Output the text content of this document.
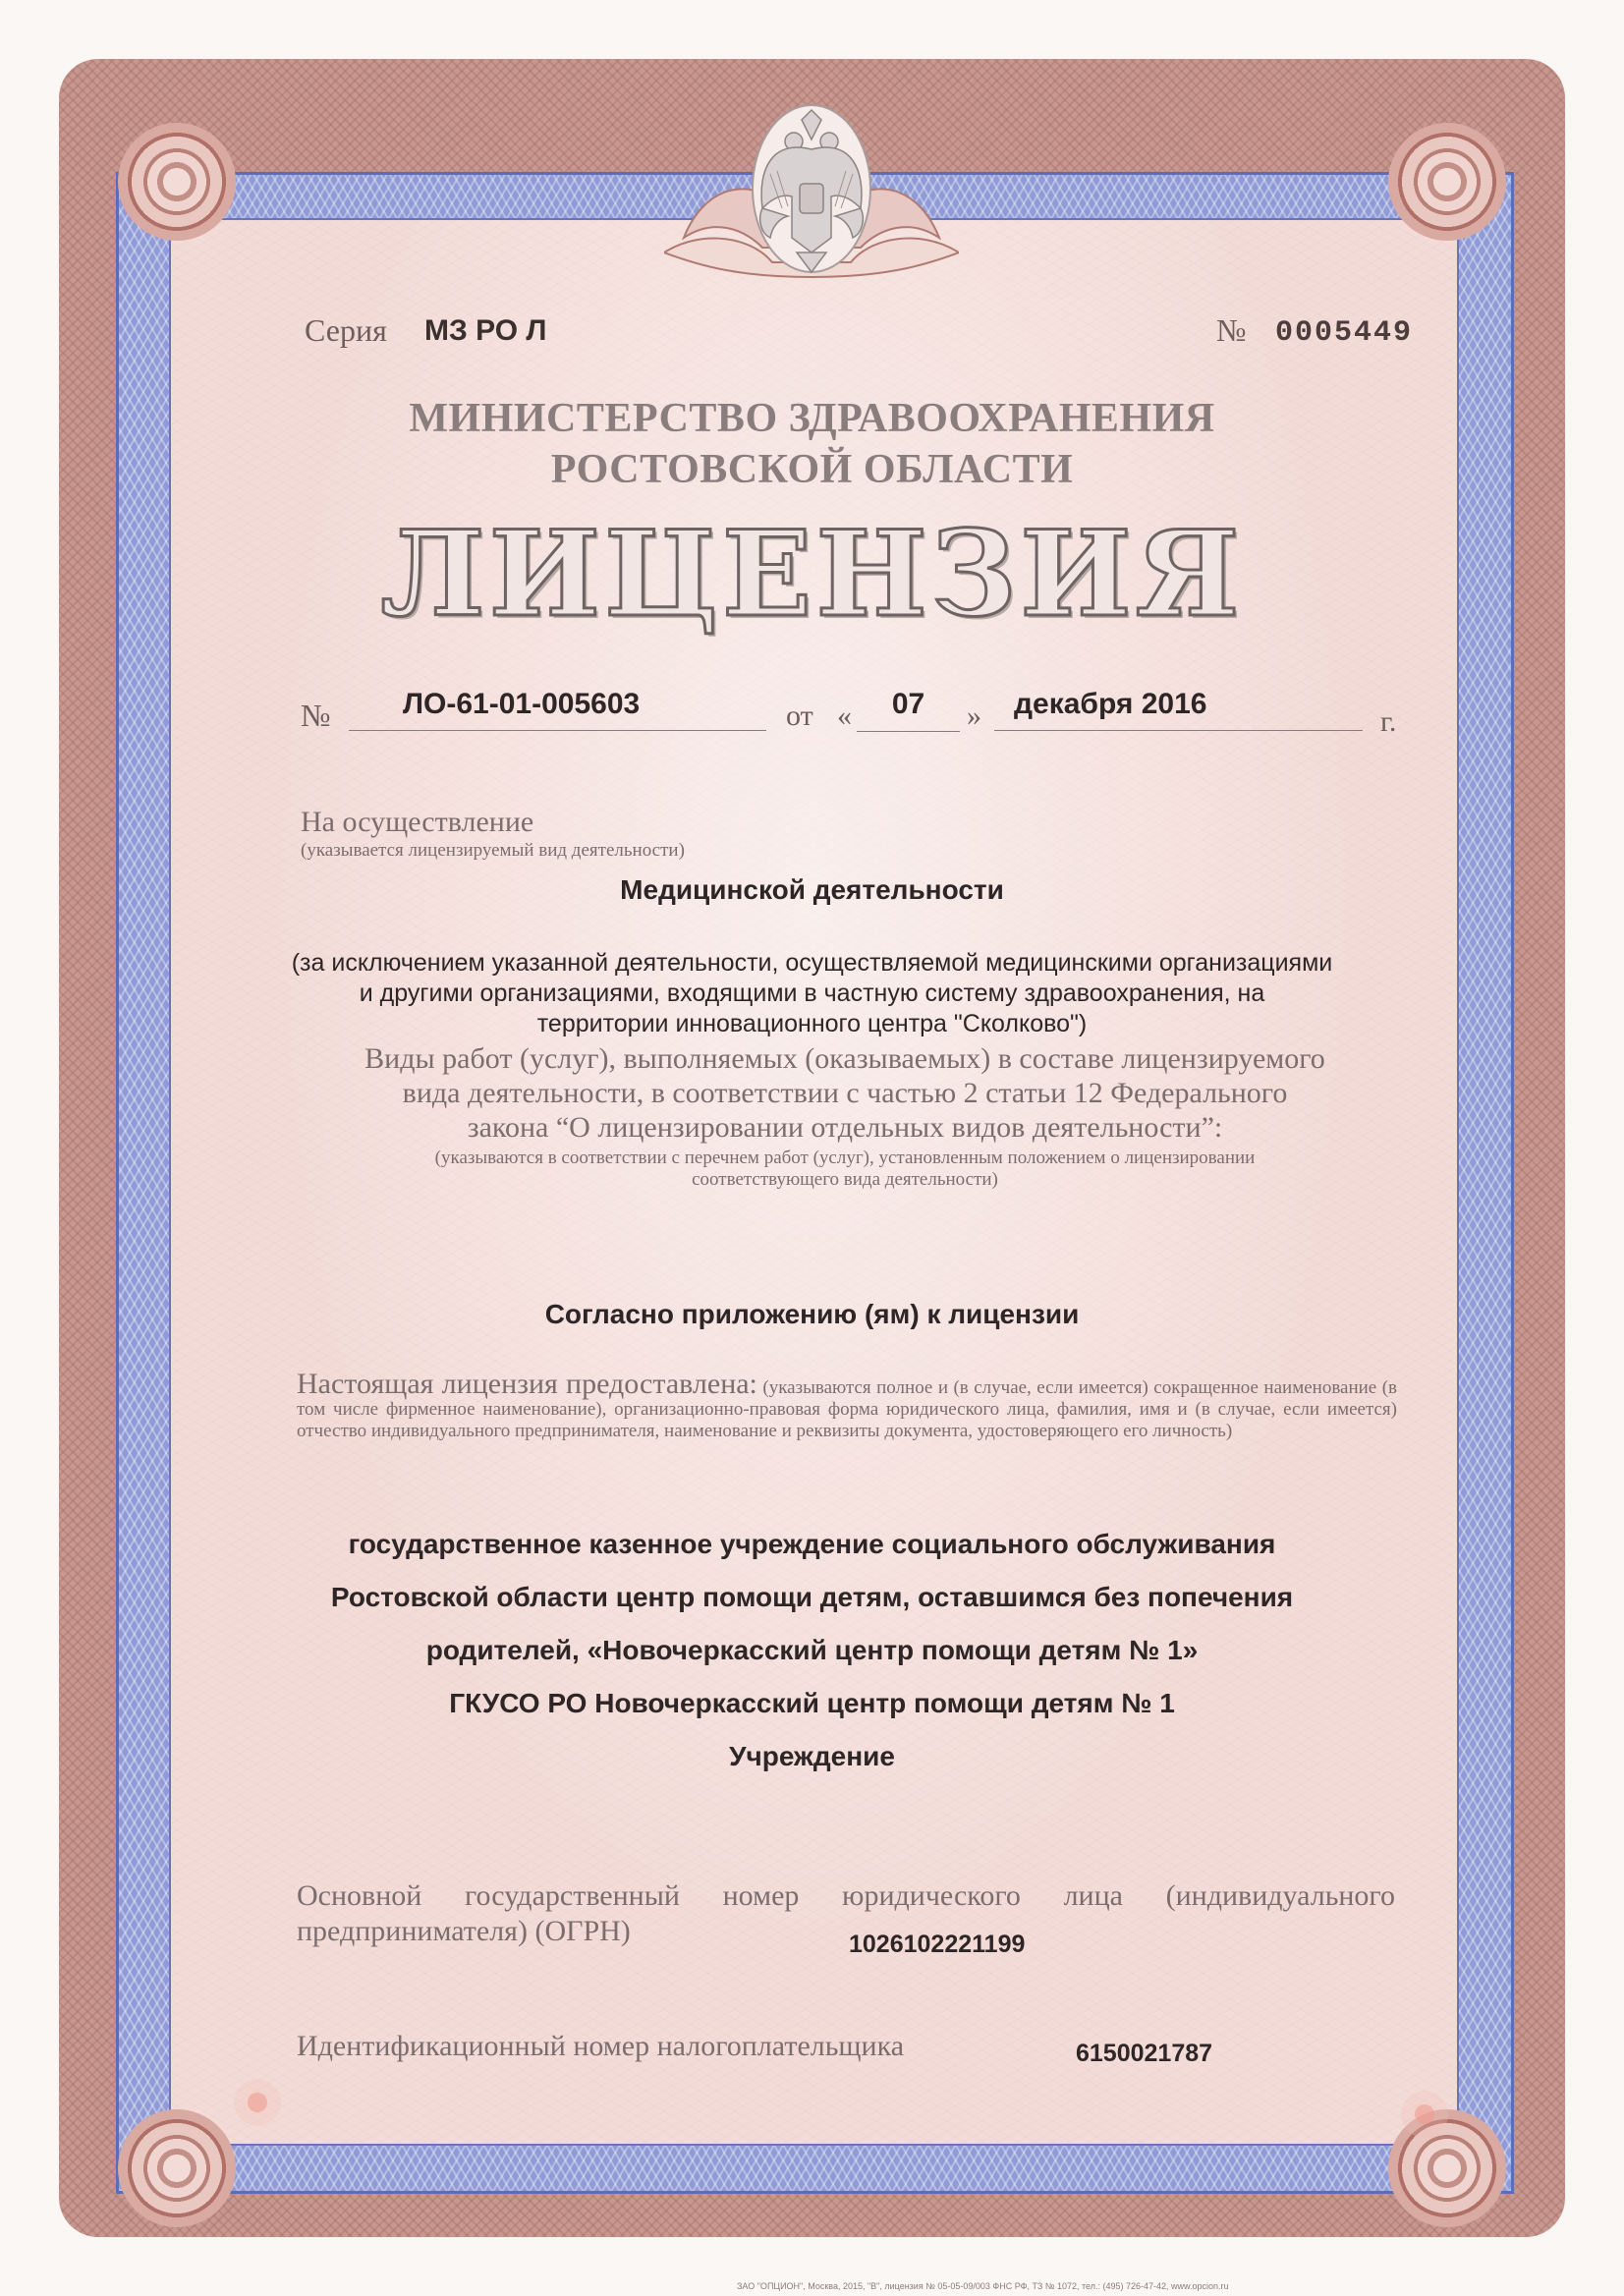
Серия МЗ РО Л	№ 0005449
МИНИСТЕРСТВО ЗДРАВООХРАНЕНИЯ
РОСТОВСКОЙ ОБЛАСТИ
ЛИЦЕНЗИЯ
№	ЛО-61-01-005603	от «	07	»	декабря 2016
г.
На осуществление
(указывается лицензируемый вид деятельности)
Медицинской деятельности
(за исключением указанной деятельности, осуществляемой медицинскими организациями
и другими организациями, входящими в частную систему здравоохранения, на
территории инновационного центра "Сколково")
Виды работ (услуг), выполняемых (оказываемых) в составе лицензируемого
вида деятельности, в соответствии с частью 2 статьи 12 Федерального
закона “О лицензировании отдельных видов деятельности”:
(указываются в соответствии с перечнем работ (услуг), установленным положением о лицензировании
соответствующего вида деятельности)
Согласно приложению (ям) к лицензии
Настоящая лицензия предоставлена: (указываются полное и (в случае, если имеется) сокращенное наименование (в том числе фирменное наименование), организационно-правовая форма юридического лица, фамилия, имя и (в случае, если имеется) отчество индивидуального предпринимателя, наименование и реквизиты документа, удостоверяющего его личность)
государственное казенное учреждение социального обслуживания
Ростовской области центр помощи детям, оставшимся без попечения
родителей, «Новочеркасский центр помощи детям № 1»
ГКУСО РО Новочеркасский центр помощи детям № 1
Учреждение
Основной государственный номер юридического лица (индивидуального предпринимателя) (ОГРН)	1026102221199
Идентификационный номер налогоплательщика	6150021787
ЗАО "ОПЦИОН", Москва, 2015, "В", лицензия № 05-05-09/003 ФНС РФ, ТЗ № 1072, тел.: (495) 726-47-42, www.opcion.ru
